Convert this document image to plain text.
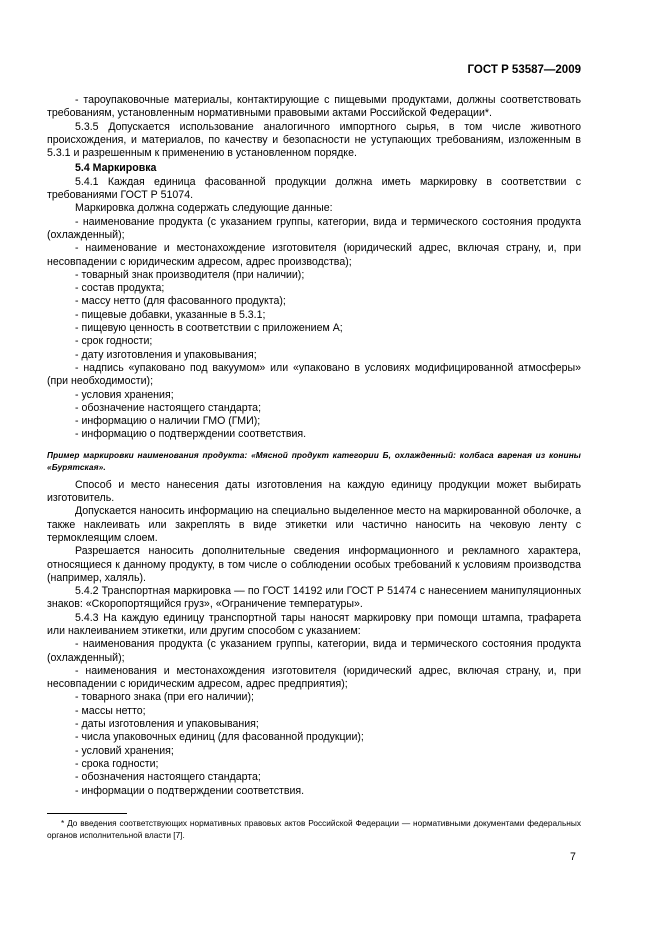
ГОСТ Р 53587—2009

- тароупаковочные материалы, контактирующие с пищевыми продуктами, должны соответствовать требованиям, установленным нормативными правовыми актами Российской Федерации*.

5.3.5 Допускается использование аналогичного импортного сырья, в том числе животного происхождения, и материалов, по качеству и безопасности не уступающих требованиям, изложенным в 5.3.1 и разрешенным к применению в установленном порядке.

5.4 Маркировка

5.4.1 Каждая единица фасованной продукции должна иметь маркировку в соответствии с требованиями ГОСТ Р 51074.

Маркировка должна содержать следующие данные:

- наименование продукта (с указанием группы, категории, вида и термического состояния продукта (охлажденный);

- наименование и местонахождение изготовителя (юридический адрес, включая страну, и, при несовпадении с юридическим адресом, адрес производства);

- товарный знак производителя (при наличии);

- состав продукта;

- массу нетто (для фасованного продукта);

- пищевые добавки, указанные в 5.3.1;

- пищевую ценность в соответствии с приложением А;

- срок годности;

- дату изготовления и упаковывания;

- надпись «упаковано под вакуумом» или «упаковано в условиях модифицированной атмосферы» (при необходимости);

- условия хранения;

- обозначение настоящего стандарта;

- информацию о наличии ГМО (ГМИ);

- информацию о подтверждении соответствия.

Пример маркировки наименования продукта: «Мясной продукт категории Б, охлажденный: колбаса вареная из конины «Бурятская».

Способ и место нанесения даты изготовления на каждую единицу продукции может выбирать изготовитель.

Допускается наносить информацию на специально выделенное место на маркированной оболочке, а также наклеивать или закреплять в виде этикетки или частично наносить на чековую ленту с термоклеящим слоем.

Разрешается наносить дополнительные сведения информационного и рекламного характера, относящиеся к данному продукту, в том числе о соблюдении особых требований к условиям производства (например, халяль).

5.4.2 Транспортная маркировка — по ГОСТ 14192 или ГОСТ Р 51474 с нанесением манипуляционных знаков: «Скоропортящийся груз», «Ограничение температуры».

5.4.3 На каждую единицу транспортной тары наносят маркировку при помощи штампа, трафарета или наклеиванием этикетки, или другим способом с указанием:

- наименования продукта (с указанием группы, категории, вида и термического состояния продукта (охлажденный);

- наименования и местонахождения изготовителя (юридический адрес, включая страну, и, при несовпадении с юридическим адресом, адрес предприятия);

- товарного знака (при его наличии);

- массы нетто;

- даты изготовления и упаковывания;

- числа упаковочных единиц (для фасованной продукции);

- условий хранения;

- срока годности;

- обозначения настоящего стандарта;

- информации о подтверждении соответствия.

* До введения соответствующих нормативных правовых актов Российской Федерации — нормативными документами федеральных органов исполнительной власти [7].
7
